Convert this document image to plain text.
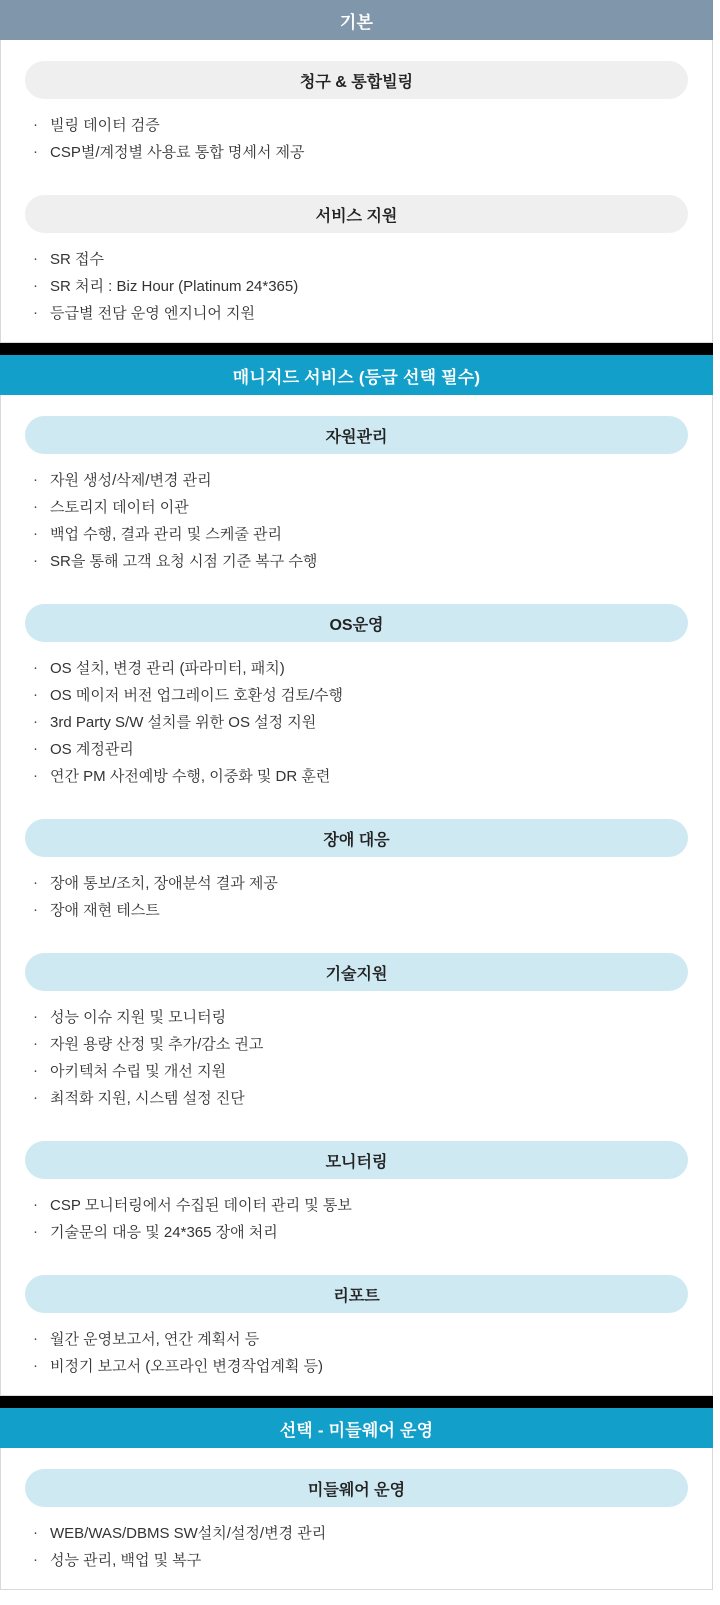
기본
청구 & 통합빌링
· 빌링 데이터 검증
· CSP별/계정별 사용료 통합 명세서 제공
서비스 지원
· SR 접수
· SR 처리 : Biz Hour (Platinum 24*365)
· 등급별 전담 운영 엔지니어 지원
매니지드 서비스 (등급 선택 필수)
자원관리
· 자원 생성/삭제/변경 관리
· 스토리지 데이터 이관
· 백업 수행, 결과 관리 및 스케줄 관리
· SR을 통해 고객 요청 시점 기준 복구 수행
OS운영
· OS 설치, 변경 관리 (파라미터, 패치)
· OS 메이저 버전 업그레이드 호환성 검토/수행
· 3rd Party S/W 설치를 위한 OS 설정 지원
· OS 계정관리
· 연간 PM 사전예방 수행, 이중화 및 DR 훈련
장애 대응
· 장애 통보/조치, 장애분석 결과 제공
· 장애 재현 테스트
기술지원
· 성능 이슈 지원 및 모니터링
· 자원 용량 산정 및 추가/감소 권고
· 아키텍처 수립 및 개선 지원
· 최적화 지원, 시스템 설정 진단
모니터링
· CSP 모니터링에서 수집된 데이터 관리 및 통보
· 기술문의 대응 및 24*365 장애 처리
리포트
· 월간 운영보고서, 연간 계획서 등
· 비정기 보고서 (오프라인 변경작업계획 등)
선택 - 미들웨어 운영
미들웨어 운영
· WEB/WAS/DBMS SW설치/설정/변경 관리
· 성능 관리, 백업 및 복구
